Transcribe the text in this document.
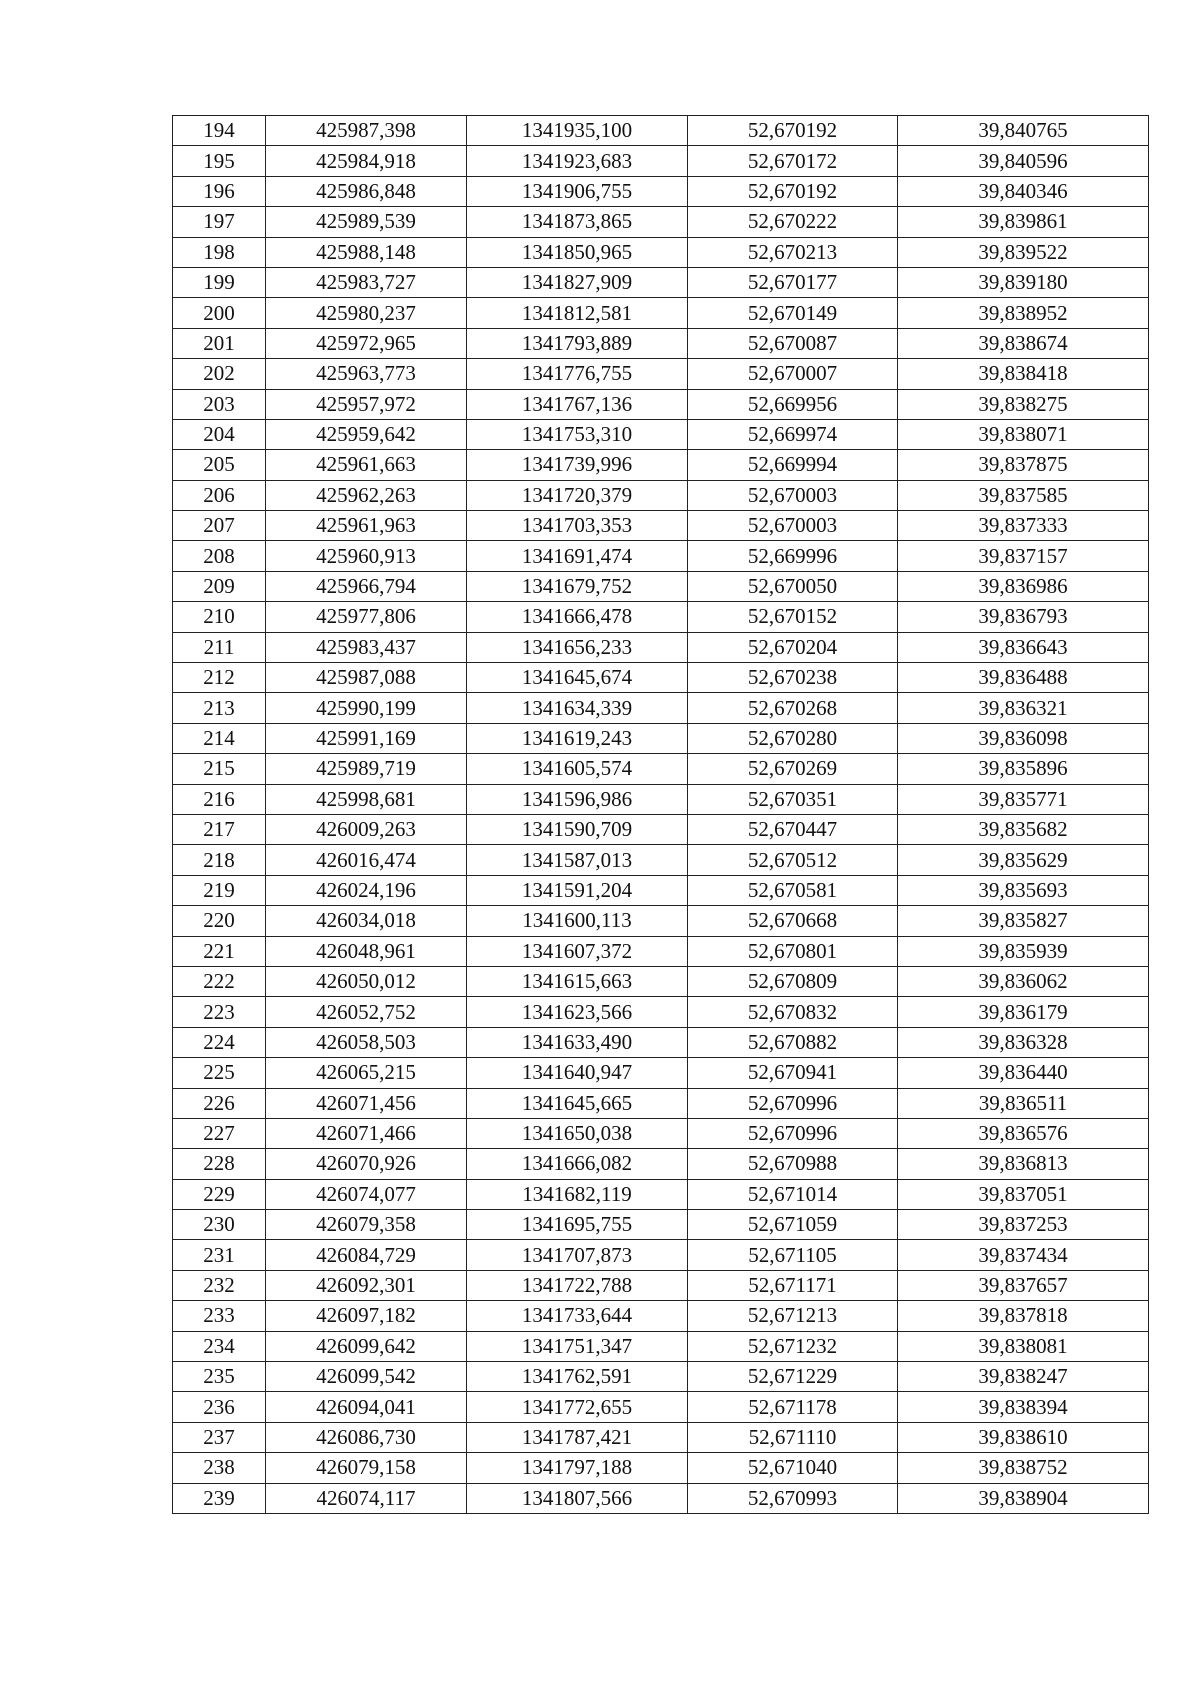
194	425987,398	1341935,100	52,670192	39,840765
195	425984,918	1341923,683	52,670172	39,840596
196	425986,848	1341906,755	52,670192	39,840346
197	425989,539	1341873,865	52,670222	39,839861
198	425988,148	1341850,965	52,670213	39,839522
199	425983,727	1341827,909	52,670177	39,839180
200	425980,237	1341812,581	52,670149	39,838952
201	425972,965	1341793,889	52,670087	39,838674
202	425963,773	1341776,755	52,670007	39,838418
203	425957,972	1341767,136	52,669956	39,838275
204	425959,642	1341753,310	52,669974	39,838071
205	425961,663	1341739,996	52,669994	39,837875
206	425962,263	1341720,379	52,670003	39,837585
207	425961,963	1341703,353	52,670003	39,837333
208	425960,913	1341691,474	52,669996	39,837157
209	425966,794	1341679,752	52,670050	39,836986
210	425977,806	1341666,478	52,670152	39,836793
211	425983,437	1341656,233	52,670204	39,836643
212	425987,088	1341645,674	52,670238	39,836488
213	425990,199	1341634,339	52,670268	39,836321
214	425991,169	1341619,243	52,670280	39,836098
215	425989,719	1341605,574	52,670269	39,835896
216	425998,681	1341596,986	52,670351	39,835771
217	426009,263	1341590,709	52,670447	39,835682
218	426016,474	1341587,013	52,670512	39,835629
219	426024,196	1341591,204	52,670581	39,835693
220	426034,018	1341600,113	52,670668	39,835827
221	426048,961	1341607,372	52,670801	39,835939
222	426050,012	1341615,663	52,670809	39,836062
223	426052,752	1341623,566	52,670832	39,836179
224	426058,503	1341633,490	52,670882	39,836328
225	426065,215	1341640,947	52,670941	39,836440
226	426071,456	1341645,665	52,670996	39,836511
227	426071,466	1341650,038	52,670996	39,836576
228	426070,926	1341666,082	52,670988	39,836813
229	426074,077	1341682,119	52,671014	39,837051
230	426079,358	1341695,755	52,671059	39,837253
231	426084,729	1341707,873	52,671105	39,837434
232	426092,301	1341722,788	52,671171	39,837657
233	426097,182	1341733,644	52,671213	39,837818
234	426099,642	1341751,347	52,671232	39,838081
235	426099,542	1341762,591	52,671229	39,838247
236	426094,041	1341772,655	52,671178	39,838394
237	426086,730	1341787,421	52,671110	39,838610
238	426079,158	1341797,188	52,671040	39,838752
239	426074,117	1341807,566	52,670993	39,838904
